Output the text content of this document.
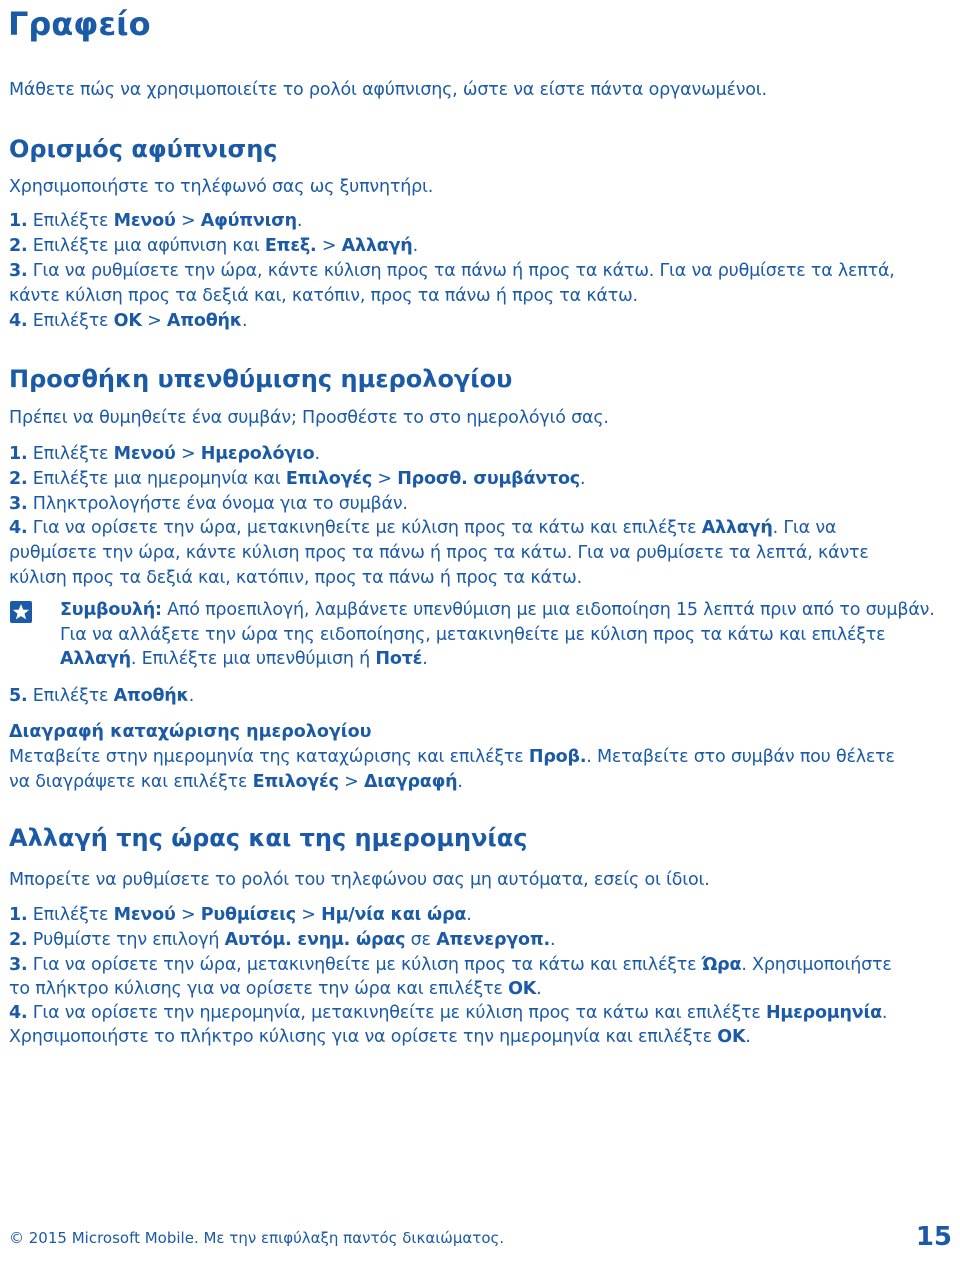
Γραφείο

Μάθετε πώς να χρησιμοποιείτε το ρολόι αφύπνισης, ώστε να είστε πάντα οργανωμένοι.

Ορισμός αφύπνισης

Χρησιμοποιήστε το τηλέφωνό σας ως ξυπνητήρι.

1. Επιλέξτε Μενού > Αφύπνιση.

2. Επιλέξτε μια αφύπνιση και Επεξ. > Αλλαγή.

3. Για να ρυθμίσετε την ώρα, κάντε κύλιση προς τα πάνω ή προς τα κάτω. Για να ρυθμίσετε τα λεπτά,

κάντε κύλιση προς τα δεξιά και, κατόπιν, προς τα πάνω ή προς τα κάτω.

4. Επιλέξτε OK > Αποθήκ.

Προσθήκη υπενθύμισης ημερολογίου

Πρέπει να θυμηθείτε ένα συμβάν; Προσθέστε το στο ημερολόγιό σας.

1. Επιλέξτε Μενού > Ημερολόγιο.

2. Επιλέξτε μια ημερομηνία και Επιλογές > Προσθ. συμβάντος.

3. Πληκτρολογήστε ένα όνομα για το συμβάν.

4. Για να ορίσετε την ώρα, μετακινηθείτε με κύλιση προς τα κάτω και επιλέξτε Αλλαγή. Για να

ρυθμίσετε την ώρα, κάντε κύλιση προς τα πάνω ή προς τα κάτω. Για να ρυθμίσετε τα λεπτά, κάντε

κύλιση προς τα δεξιά και, κατόπιν, προς τα πάνω ή προς τα κάτω.

Συμβουλή: Από προεπιλογή, λαμβάνετε υπενθύμιση με μια ειδοποίηση 15 λεπτά πριν από το συμβάν. Για να αλλάξετε την ώρα της ειδοποίησης, μετακινηθείτε με κύλιση προς τα κάτω και επιλέξτε Αλλαγή. Επιλέξτε μια υπενθύμιση ή Ποτέ.

5. Επιλέξτε Αποθήκ.

Διαγραφή καταχώρισης ημερολογίου

Μεταβείτε στην ημερομηνία της καταχώρισης και επιλέξτε Προβ.. Μεταβείτε στο συμβάν που θέλετε

να διαγράψετε και επιλέξτε Επιλογές > Διαγραφή.

Αλλαγή της ώρας και της ημερομηνίας

Μπορείτε να ρυθμίσετε το ρολόι του τηλεφώνου σας μη αυτόματα, εσείς οι ίδιοι.

1. Επιλέξτε Μενού > Ρυθμίσεις > Ημ/νία και ώρα.

2. Ρυθμίστε την επιλογή Αυτόμ. ενημ. ώρας σε Απενεργοπ..

3. Για να ορίσετε την ώρα, μετακινηθείτε με κύλιση προς τα κάτω και επιλέξτε Ώρα. Χρησιμοποιήστε

το πλήκτρο κύλισης για να ορίσετε την ώρα και επιλέξτε OK.

4. Για να ορίσετε την ημερομηνία, μετακινηθείτε με κύλιση προς τα κάτω και επιλέξτε Ημερομηνία.

Χρησιμοποιήστε το πλήκτρο κύλισης για να ορίσετε την ημερομηνία και επιλέξτε OK.

© 2015 Microsoft Mobile. Με την επιφύλαξη παντός δικαιώματος.	15
